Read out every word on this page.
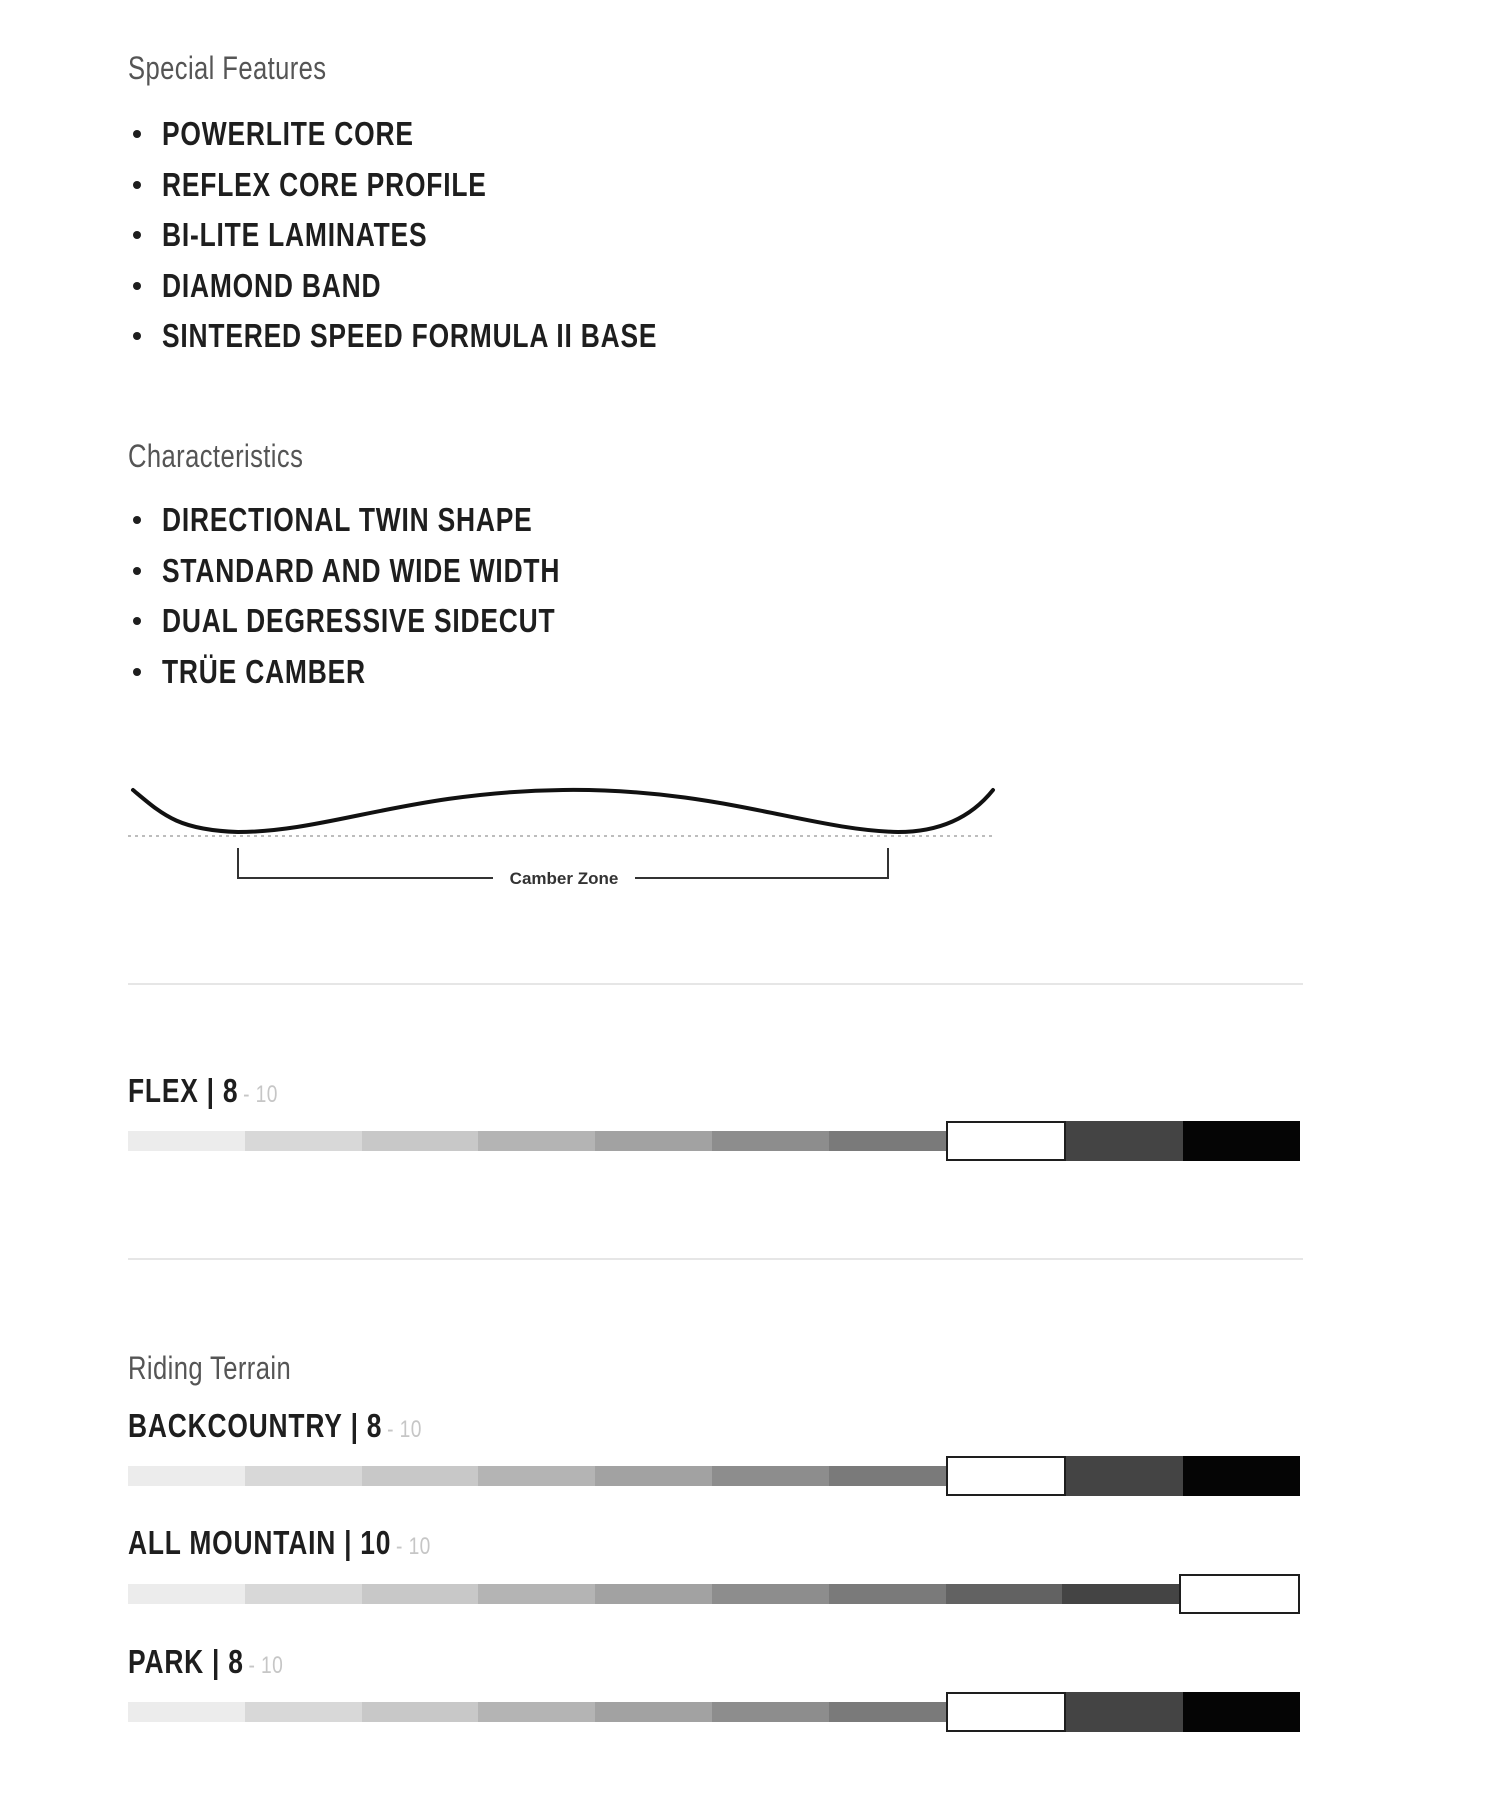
Special Features
POWERLITE CORE
REFLEX CORE PROFILE
BI-LITE LAMINATES
DIAMOND BAND
SINTERED SPEED FORMULA II BASE
Characteristics
DIRECTIONAL TWIN SHAPE
STANDARD AND WIDE WIDTH
DUAL DEGRESSIVE SIDECUT
TRÜE CAMBER
Camber Zone
FLEX | 8 - 10
Riding Terrain
BACKCOUNTRY | 8 - 10
ALL MOUNTAIN | 10 - 10
PARK | 8 - 10
